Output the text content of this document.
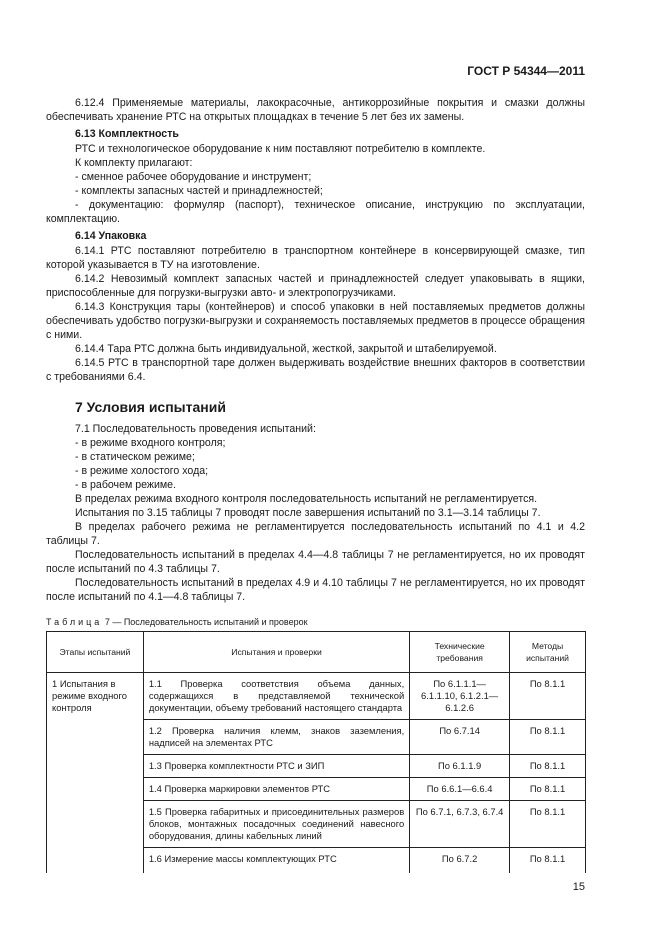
ГОСТ Р 54344—2011

6.12.4 Применяемые материалы, лакокрасочные, антикоррозийные покрытия и смазки должны обеспечивать хранение РТС на открытых площадках в течение 5 лет без их замены.

6.13 Комплектность

РТС и технологическое оборудование к ним поставляют потребителю в комплекте.

К комплекту прилагают:

- сменное рабочее оборудование и инструмент;

- комплекты запасных частей и принадлежностей;

- документацию: формуляр (паспорт), техническое описание, инструкцию по эксплуатации, комплектацию.

6.14 Упаковка

6.14.1 РТС поставляют потребителю в транспортном контейнере в консервирующей смазке, тип которой указывается в ТУ на изготовление.

6.14.2 Невозимый комплект запасных частей и принадлежностей следует упаковывать в ящики, приспособленные для погрузки-выгрузки авто- и электропогрузчиками.

6.14.3 Конструкция тары (контейнеров) и способ упаковки в ней поставляемых предметов должны обеспечивать удобство погрузки-выгрузки и сохраняемость поставляемых предметов в процессе обращения с ними.

6.14.4 Тара РТС должна быть индивидуальной, жесткой, закрытой и штабелируемой.

6.14.5 РТС в транспортной таре должен выдерживать воздействие внешних факторов в соответствии с требованиями 6.4.

7 Условия испытаний

7.1 Последовательность проведения испытаний:

- в режиме входного контроля;

- в статическом режиме;

- в режиме холостого хода;

- в рабочем режиме.

В пределах режима входного контроля последовательность испытаний не регламентируется.

Испытания по 3.15 таблицы 7 проводят после завершения испытаний по 3.1—3.14 таблицы 7.

В пределах рабочего режима не регламентируется последовательность испытаний по 4.1 и 4.2 таблицы 7.

Последовательность испытаний в пределах 4.4—4.8 таблицы 7 не регламентируется, но их проводят после испытаний по 4.3 таблицы 7.

Последовательность испытаний в пределах 4.9 и 4.10 таблицы 7 не регламентируется, но их проводят после испытаний по 4.1—4.8 таблицы 7.

Таблица 7 — Последовательность испытаний и проверок
Этапы испытаний	Испытания и проверки	Технические требования	Методы испытаний
1 Испытания в режиме входного контроля	1.1 Проверка соответствия объема данных, содержащихся в представляемой технической документации, объему требований настоящего стандарта	По 6.1.1.1—6.1.1.10, 6.1.2.1—6.1.2.6	По 8.1.1
	1.2 Проверка наличия клемм, знаков заземления, надписей на элементах РТС	По 6.7.14	По 8.1.1
	1.3 Проверка комплектности РТС и ЗИП	По 6.1.1.9	По 8.1.1
	1.4 Проверка маркировки элементов РТС	По 6.6.1—6.6.4	По 8.1.1
	1.5 Проверка габаритных и присоединительных размеров блоков, монтажных посадочных соединений навесного оборудования, длины кабельных линий	По 6.7.1, 6.7.3, 6.7.4	По 8.1.1
	1.6 Измерение массы комплектующих РТС	По 6.7.2	По 8.1.1
15
